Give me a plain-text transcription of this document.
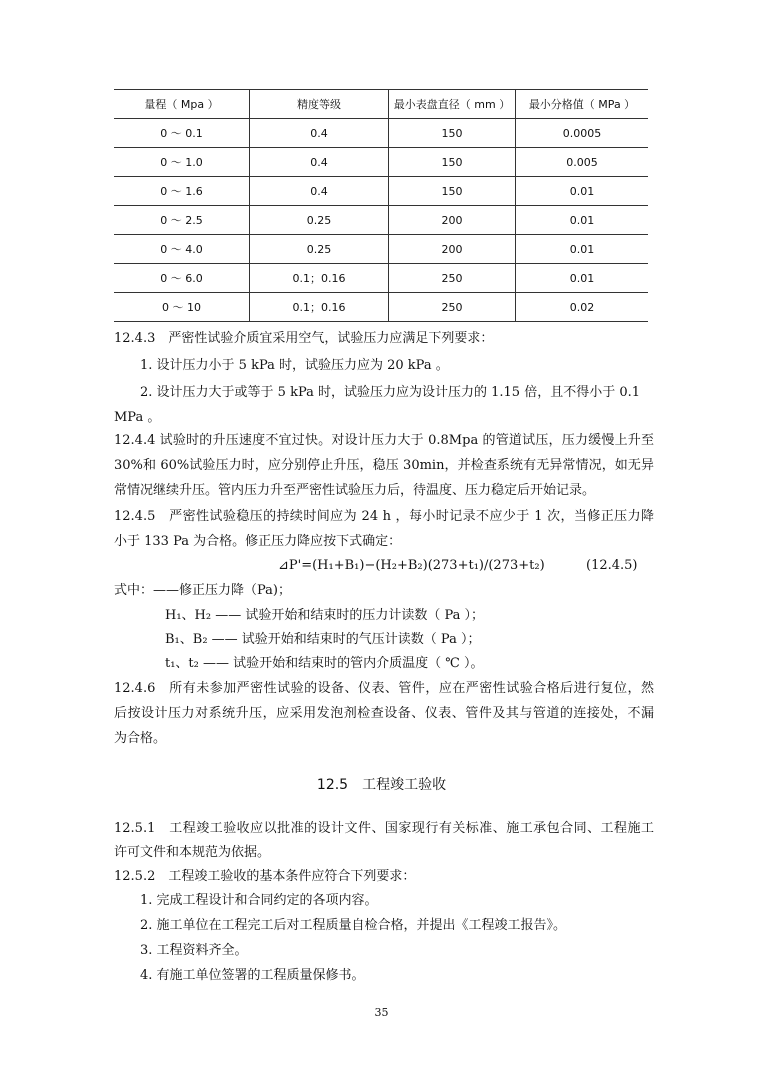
量程（ Mpa ）	精度等级	最小表盘直径（ mm ）	最小分格值（ MPa ）
0 ～ 0.1	0.4	150	0.0005
0 ～ 1.0	0.4	150	0.005
0 ～ 1.6	0.4	150	0.01
0 ～ 2.5	0.25	200	0.01
0 ～ 4.0	0.25	200	0.01
0 ～ 6.0	0.1；0.16	250	0.01
0 ～ 10	0.1；0.16	250	0.02
12.4.3　严密性试验介质宜采用空气，试验压力应满足下列要求：
1. 设计压力小于 5 kPa 时，试验压力应为 20 kPa 。
2. 设计压力大于或等于 5 kPa 时，试验压力应为设计压力的 1.15 倍，且不得小于 0.1
MPa 。
12.4.4 试验时的升压速度不宜过快。对设计压力大于 0.8Mpa 的管道试压，压力缓慢上升至
30%和 60%试验压力时，应分别停止升压，稳压 30min，并检查系统有无异常情况，如无异
常情况继续升压。管内压力升至严密性试验压力后，待温度、压力稳定后开始记录。
12.4.5　严密性试验稳压的持续时间应为 24 h ，每小时记录不应少于 1 次，当修正压力降
小于 133 Pa 为合格。修正压力降应按下式确定：
⊿P'=(H₁+B₁)−(H₂+B₂)(273+t₁)/(273+t₂)	(12.4.5)
式中：——修正压力降（Pa)；
H₁、H₂ —— 试验开始和结束时的压力计读数（ Pa ）；
B₁、B₂ —— 试验开始和结束时的气压计读数（ Pa ）；
t₁、t₂ —— 试验开始和结束时的管内介质温度（ ℃ ）。
12.4.6　所有未参加严密性试验的设备、仪表、管件，应在严密性试验合格后进行复位，然
后按设计压力对系统升压，应采用发泡剂检查设备、仪表、管件及其与管道的连接处，不漏
为合格。
12.5　工程竣工验收
12.5.1　工程竣工验收应以批准的设计文件、国家现行有关标准、施工承包合同、工程施工
许可文件和本规范为依据。
12.5.2　工程竣工验收的基本条件应符合下列要求：
1. 完成工程设计和合同约定的各项内容。
2. 施工单位在工程完工后对工程质量自检合格，并提出《工程竣工报告》。
3. 工程资料齐全。
4. 有施工单位签署的工程质量保修书。
35
